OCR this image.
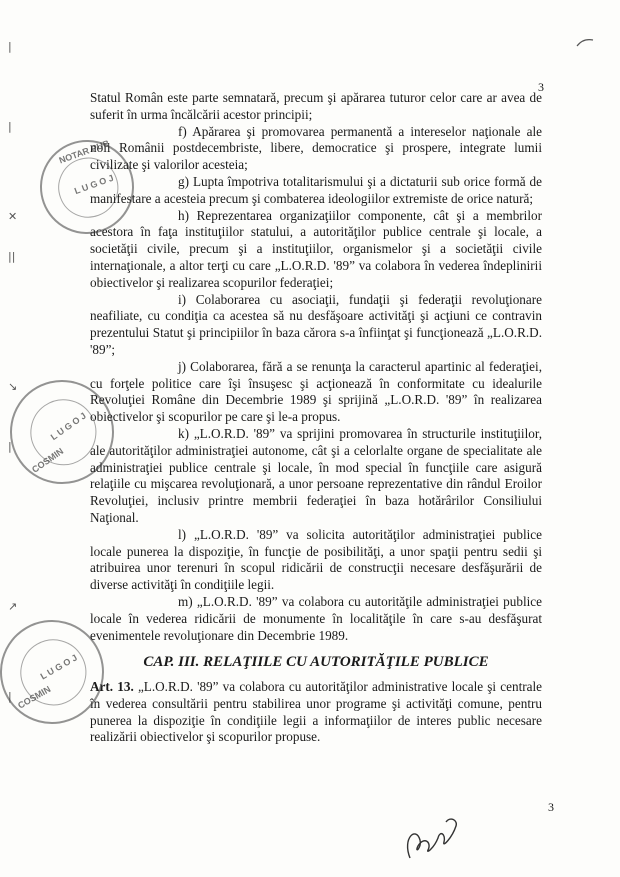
|
|
✕
||
↘
|
↗
|
3

Statul Român este parte semnatară, precum şi apărarea tuturor celor care ar avea de suferit în urma încălcării acestor principii;

f) Apărarea şi promovarea permanentă a intereselor naţionale ale noii Românii postdecembriste, libere, democratice şi prospere, integrate lumii civilizate şi valorilor acesteia;

g) Lupta împotriva totalitarismului şi a dictaturii sub orice formă de manifestare a acesteia precum şi combaterea ideologiilor extremiste de orice natură;

h) Reprezentarea organizaţiilor componente, cât şi a membrilor acestora în faţa instituţiilor statului, a autorităţilor publice centrale şi locale, a societăţii civile, precum şi a instituţiilor, organismelor şi a societăţii civile internaţionale, a altor terţi cu care „L.O.R.D. '89” va colabora în vederea îndeplinirii obiectivelor şi realizarea scopurilor federaţiei;

i) Colaborarea cu asociaţii, fundaţii şi federaţii revoluţionare neafiliate, cu condiţia ca acestea să nu desfăşoare activităţi şi acţiuni ce contravin prezentului Statut şi principiilor în baza cărora s-a înfiinţat şi funcţionează „L.O.R.D. '89”;

j) Colaborarea, fără a se renunţa la caracterul apartinic al federaţiei, cu forţele politice care îşi însuşesc şi acţionează în conformitate cu idealurile Revoluţiei Române din Decembrie 1989 şi sprijină „L.O.R.D. '89” în realizarea obiectivelor şi scopurilor pe care şi le-a propus.

k) „L.O.R.D. '89” va sprijini promovarea în structurile instituţiilor, ale autorităţilor administraţiei autonome, cât şi a celorlalte organe de specialitate ale administraţiei publice centrale şi locale, în mod special în funcţiile care asigură relaţiile cu mişcarea revoluţionară, a unor persoane reprezentative din rândul Eroilor Revoluţiei, inclusiv printre membrii federaţiei în baza hotărârilor Consiliului Naţional.

l) „L.O.R.D. '89” va solicita autorităţilor administraţiei publice locale punerea la dispoziţie, în funcţie de posibilităţi, a unor spaţii pentru sedii şi atribuirea unor terenuri în scopul ridicării de construcţii necesare desfăşurării de diverse activităţi în condiţiile legii.

m) „L.O.R.D. '89” va colabora cu autorităţile administraţiei publice locale în vederea ridicării de monumente în localităţile în care s-au desfăşurat evenimentele revoluţionare din Decembrie 1989.

CAP. III. RELAŢIILE CU AUTORITĂŢILE PUBLICE

Art. 13. „L.O.R.D. '89” va colabora cu autorităţilor administrative locale şi centrale în vederea consultării pentru stabilirea unor programe şi activităţi comune, pentru punerea la dispoziţie în condiţiile legii a informaţiilor de interes public necesare realizării obiectivelor şi scopurilor propuse.

NOTAR PUB
L U G O J
COSMIN
L U G O J
COSMIN
L U G O J
3
